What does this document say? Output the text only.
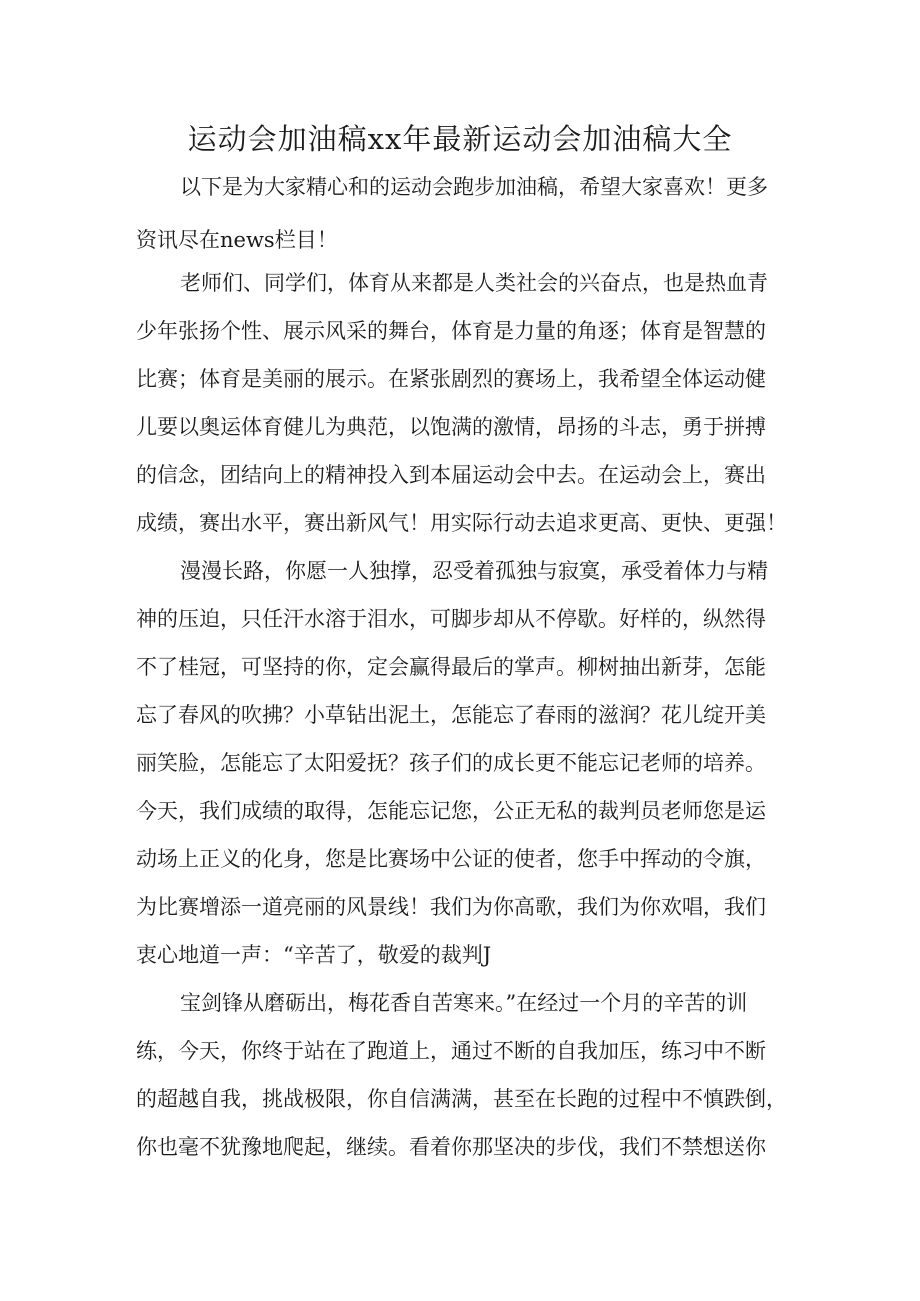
运动会加油稿xx年最新运动会加油稿大全

以下是为大家精心和的运动会跑步加油稿，希望大家喜欢！更多

资讯尽在news栏目！

老师们、同学们，体育从来都是人类社会的兴奋点，也是热血青

少年张扬个性、展示风采的舞台，体育是力量的角逐；体育是智慧的

比赛；体育是美丽的展示。在紧张剧烈的赛场上，我希望全体运动健

儿要以奥运体育健儿为典范，以饱满的激情，昂扬的斗志，勇于拼搏

的信念，团结向上的精神投入到本届运动会中去。在运动会上，赛出

成绩，赛出水平，赛出新风气！用实际行动去追求更高、更快、更强！

漫漫长路，你愿一人独撑，忍受着孤独与寂寞，承受着体力与精

神的压迫，只任汗水溶于泪水，可脚步却从不停歇。好样的，纵然得

不了桂冠，可坚持的你，定会赢得最后的掌声。柳树抽出新芽，怎能

忘了春风的吹拂？小草钻出泥土，怎能忘了春雨的滋润？花儿绽开美

丽笑脸，怎能忘了太阳爱抚？孩子们的成长更不能忘记老师的培养。

今天，我们成绩的取得，怎能忘记您，公正无私的裁判员老师您是运

动场上正义的化身，您是比赛场中公证的使者，您手中挥动的令旗，

为比赛增添一道亮丽的风景线！我们为你高歌，我们为你欢唱，我们

衷心地道一声：“辛苦了，敬爱的裁判J

宝剑锋从磨砺出，梅花香自苦寒来。”在经过一个月的辛苦的训

练，今天，你终于站在了跑道上，通过不断的自我加压，练习中不断

的超越自我，挑战极限，你自信满满，甚至在长跑的过程中不慎跌倒，

你也毫不犹豫地爬起，继续。看着你那坚决的步伐，我们不禁想送你
